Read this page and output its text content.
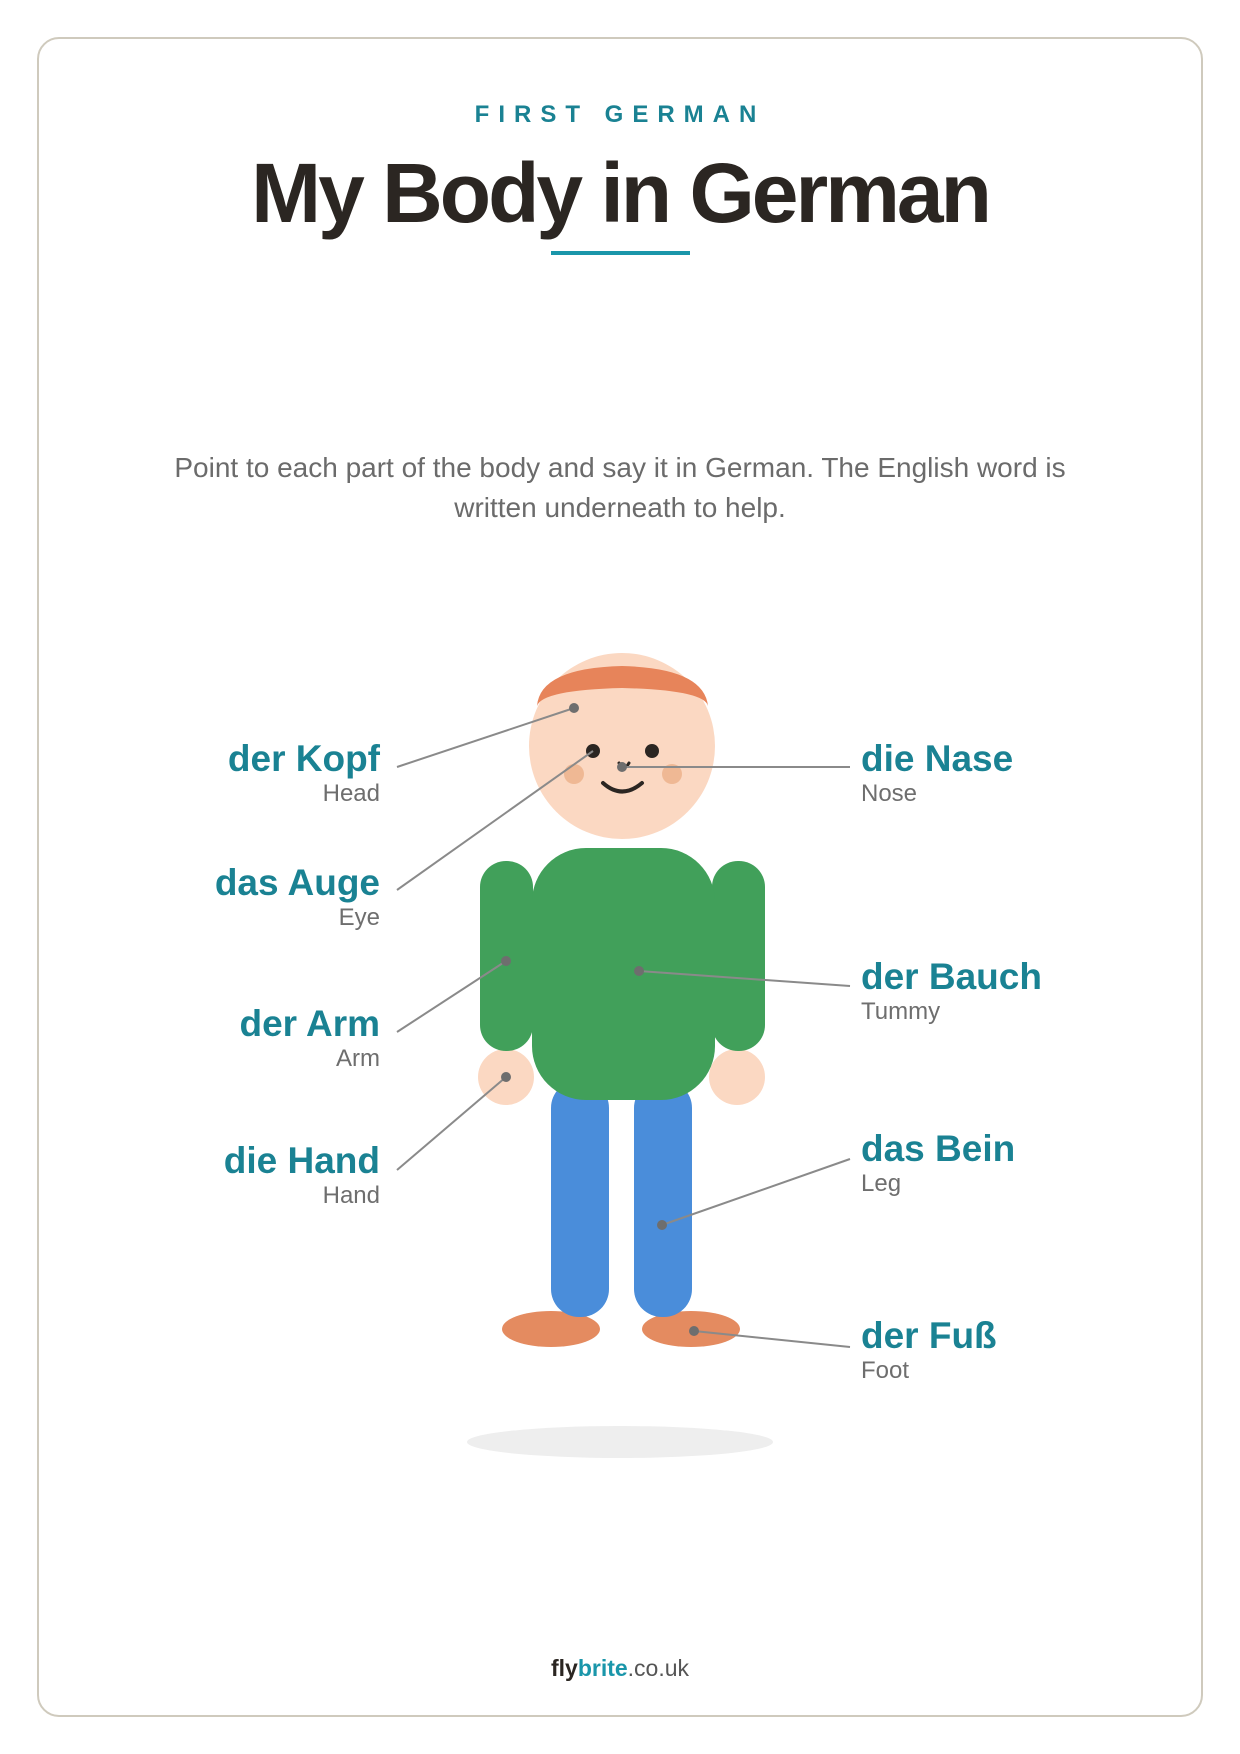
FIRST GERMAN
My Body in German
Point to each part of the body and say it in German. The English word is written underneath to help.
der Kopf
Head
das Auge
Eye
der Arm
Arm
die Hand
Hand
die Nase
Nose
der Bauch
Tummy
das Bein
Leg
der Fuß
Foot
flybrite.co.uk
